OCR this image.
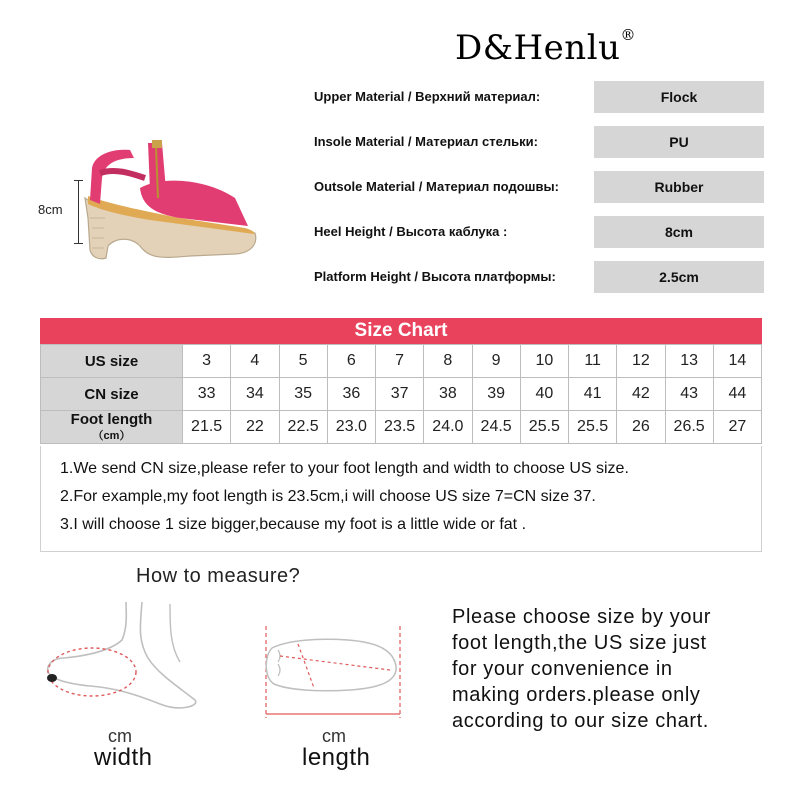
D&Henlu®
8cm
Upper Material / Верхний материал:	Flock
Insole Material / Материал стельки:	PU
Outsole Material / Материал подошвы:	Rubber
Heel Height / Высота каблука :	8cm
Platform Height / Высота платформы:	2.5cm
Size Chart
US size	3	4	5	6	7	8	9	10	11	12	13	14
CN size	33	34	35	36	37	38	39	40	41	42	43	44
Foot length
（cm）	21.5	22	22.5	23.0	23.5	24.0	24.5	25.5	25.5	26	26.5	27
1.We send CN size,please refer to your foot length and width to choose US size.
2.For example,my foot length is 23.5cm,i will choose US size 7=CN size 37.
3.I will choose 1 size bigger,because my foot is a little wide or fat .
How to measure?
cm
width
cm
length
Please choose size by your
foot length,the US size just
for your convenience in
making orders.please only
according to our size chart.
